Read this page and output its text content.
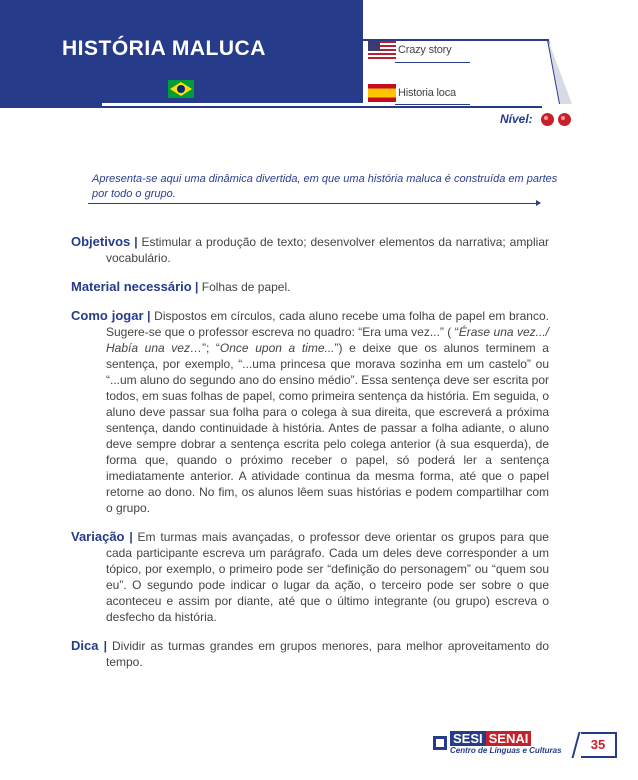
HISTÓRIA MALUCA	Crazy story
Historia loca
Nível:
Apresenta-se aqui uma dinâmica divertida, em que uma história maluca é construída em partes por todo o grupo.

Objetivos | Estimular a produção de texto; desenvolver elementos da narrativa; ampliar vocabulário.

Material necessário | Folhas de papel.

Como jogar | Dispostos em círculos, cada aluno recebe uma folha de papel em branco. Sugere-se que o professor escreva no quadro: “Era uma vez...” ( “Érase una vez.../ Había una vez…”; “Once upon a time...”) e deixe que os alunos terminem a sentença, por exemplo, “...uma princesa que morava sozinha em um castelo” ou “...um aluno do segundo ano do ensino médio”. Essa sentença deve ser escrita por todos, em suas folhas de papel, como primeira sentença da história. Em seguida, o aluno deve passar sua folha para o colega à sua direita, que escreverá a próxima sentença, dando continuidade à história. Antes de passar a folha adiante, o aluno deve sempre dobrar a sentença escrita pelo colega anterior (à sua esquerda), de forma que, quando o próximo receber o papel, só poderá ler a sentença imediatamente anterior. A atividade continua da mesma forma, até que o papel retorne ao dono. No fim, os alunos lêem suas histórias e podem compartilhar com o grupo.

Variação | Em turmas mais avançadas, o professor deve orientar os grupos para que cada participante escreva um parágrafo. Cada um deles deve corresponder a um tópico, por exemplo, o primeiro pode ser “definição do personagem” ou “quem sou eu”. O segundo pode indicar o lugar da ação, o terceiro pode ser sobre o que aconteceu e assim por diante, até que o último integrante (ou grupo) escreva o desfecho da história.

Dica | Dividir as turmas grandes em grupos menores, para melhor aproveitamento do tempo.

SESI SENAI
Centro de Línguas e Culturas	35
